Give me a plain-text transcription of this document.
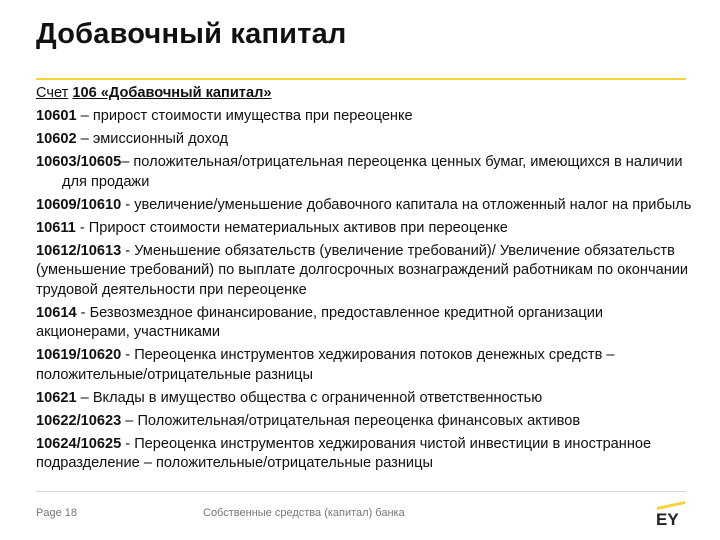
Добавочный капитал
Счет 106 «Добавочный капитал»
10601 – прирост стоимости имущества при переоценке
10602 – эмиссионный доход
10603/10605– положительная/отрицательная переоценка ценных бумаг, имеющихся в наличии для продажи
10609/10610 - увеличение/уменьшение добавочного капитала на отложенный налог на прибыль
10611 - Прирост стоимости нематериальных активов при переоценке
10612/10613 - Уменьшение обязательств (увеличение требований)/ Увеличение обязательств (уменьшение требований) по выплате долгосрочных вознаграждений работникам по окончании трудовой деятельности при переоценке
10614 - Безвозмездное финансирование, предоставленное кредитной организации акционерами, участниками
10619/10620 - Переоценка инструментов хеджирования потоков денежных средств – положительные/отрицательные разницы
10621 – Вклады в имущество общества с ограниченной ответственностью
10622/10623 – Положительная/отрицательная переоценка финансовых активов
10624/10625 - Переоценка инструментов хеджирования чистой инвестиции в иностранное подразделение – положительные/отрицательные разницы
Page 18	Собственные средства (капитал) банка	EY
